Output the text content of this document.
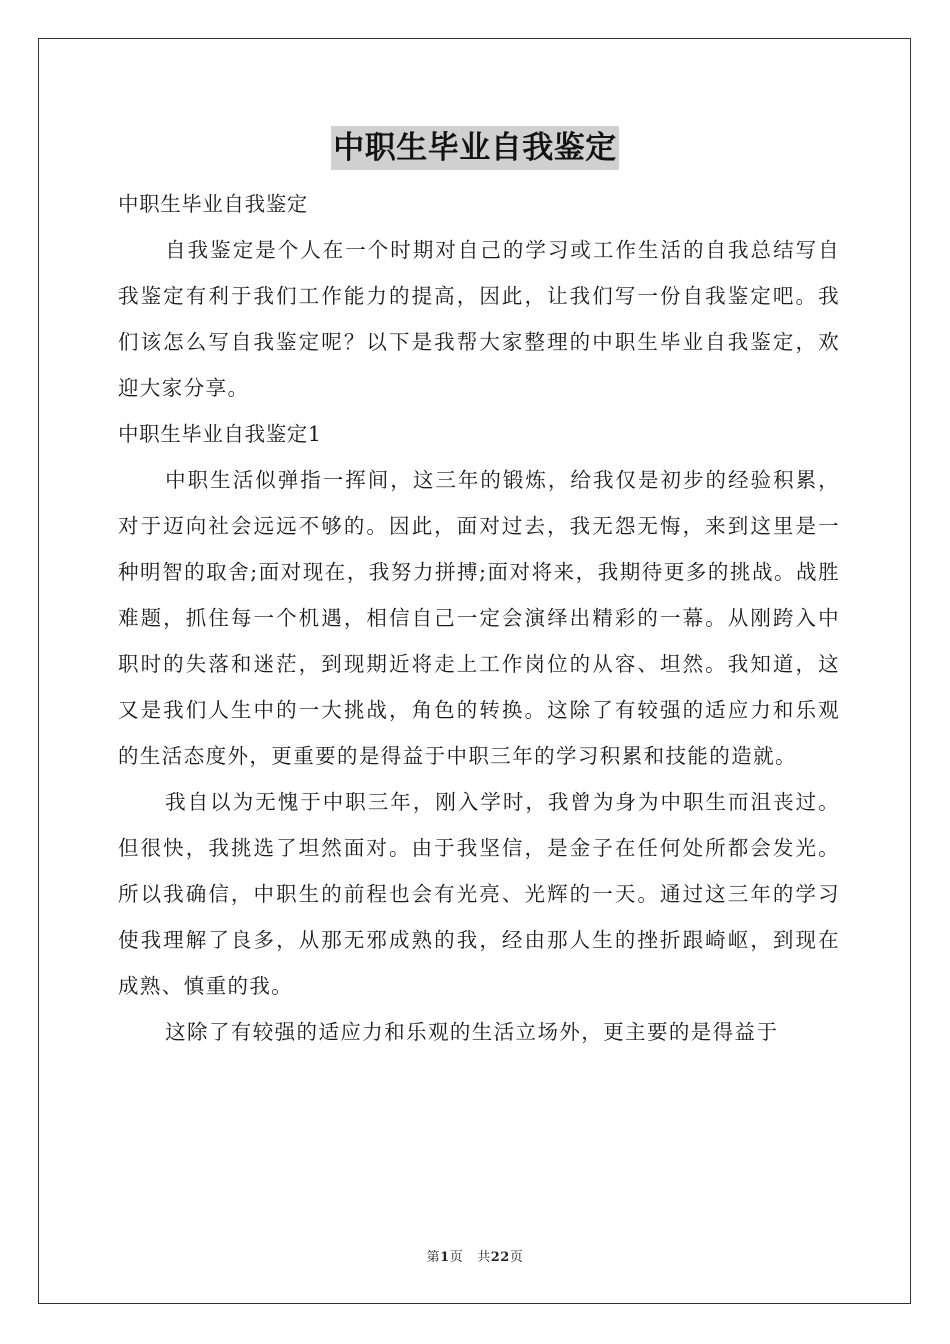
中职生毕业自我鉴定

中职生毕业自我鉴定

自我鉴定是个人在一个时期对自己的学习或工作生活的自我总结写自我鉴定有利于我们工作能力的提高，因此，让我们写一份自我鉴定吧。我们该怎么写自我鉴定呢？以下是我帮大家整理的中职生毕业自我鉴定，欢迎大家分享。

中职生毕业自我鉴定1

中职生活似弹指一挥间，这三年的锻炼，给我仅是初步的经验积累，对于迈向社会远远不够的。因此，面对过去，我无怨无悔，来到这里是一种明智的取舍;面对现在，我努力拼搏;面对将来，我期待更多的挑战。战胜难题，抓住每一个机遇，相信自己一定会演绎出精彩的一幕。从刚跨入中职时的失落和迷茫，到现期近将走上工作岗位的从容、坦然。我知道，这又是我们人生中的一大挑战，角色的转换。这除了有较强的适应力和乐观的生活态度外，更重要的是得益于中职三年的学习积累和技能的造就。

我自以为无愧于中职三年，刚入学时，我曾为身为中职生而沮丧过。但很快，我挑选了坦然面对。由于我坚信，是金子在任何处所都会发光。所以我确信，中职生的前程也会有光亮、光辉的一天。通过这三年的学习使我理解了良多，从那无邪成熟的我，经由那人生的挫折跟崎岖，到现在成熟、慎重的我。

这除了有较强的适应力和乐观的生活立场外，更主要的是得益于

第1页 共22页
